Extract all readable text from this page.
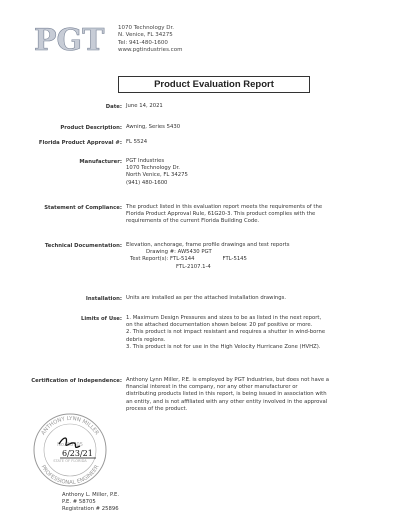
PGT 1070 Technology Dr.
N. Venice, FL 34275
Tel: 941-480-1600
www.pgtindustries.com
Product Evaluation Report
Date: June 14, 2021
Product Description: Awning, Series 5430
Florida Product Approval #: FL 5524
Manufacturer: PGT Industries
1070 Technology Dr.
North Venice, FL 34275
(941) 480-1600
Statement of Compliance: The product listed in this evaluation report meets the requirements of the
Florida Product Approval Rule, 61G20-3. This product complies with the
requirements of the current Florida Building Code.
Technical Documentation: Elevation, anchorage, frame profile drawings and test reports
Drawing #: AW5430 PGT
Test Report(s): FTL-5144	FTL-5145
FTL-2107.1-4
Installation: Units are installed as per the attached installation drawings.
Limits of Use: 1. Maximum Design Pressures and sizes to be as listed in the next report,
on the attached documentation shown below: 20 psf positive or more.
2. This product is not impact resistant and requires a shutter in wind-borne
debris regions.
3. This product is not for use in the High Velocity Hurricane Zone (HVHZ).
Certification of Independence: Anthony Lynn Miller, P.E. is employed by PGT Industries, but does not have a
financial interest in the company, nor any other manufacturer or
distributing products listed in this report, is being issued in association with
an entity, and is not affiliated with any other entity involved in the approval
process of the product.
ANTHONY LYNN MILLER
PROFESSIONAL ENGINEER
No. 58705
STATE OF FLORIDA
6/23/21
Anthony L. Miller, P.E.
P.E. # 58705
Registration # 25896
